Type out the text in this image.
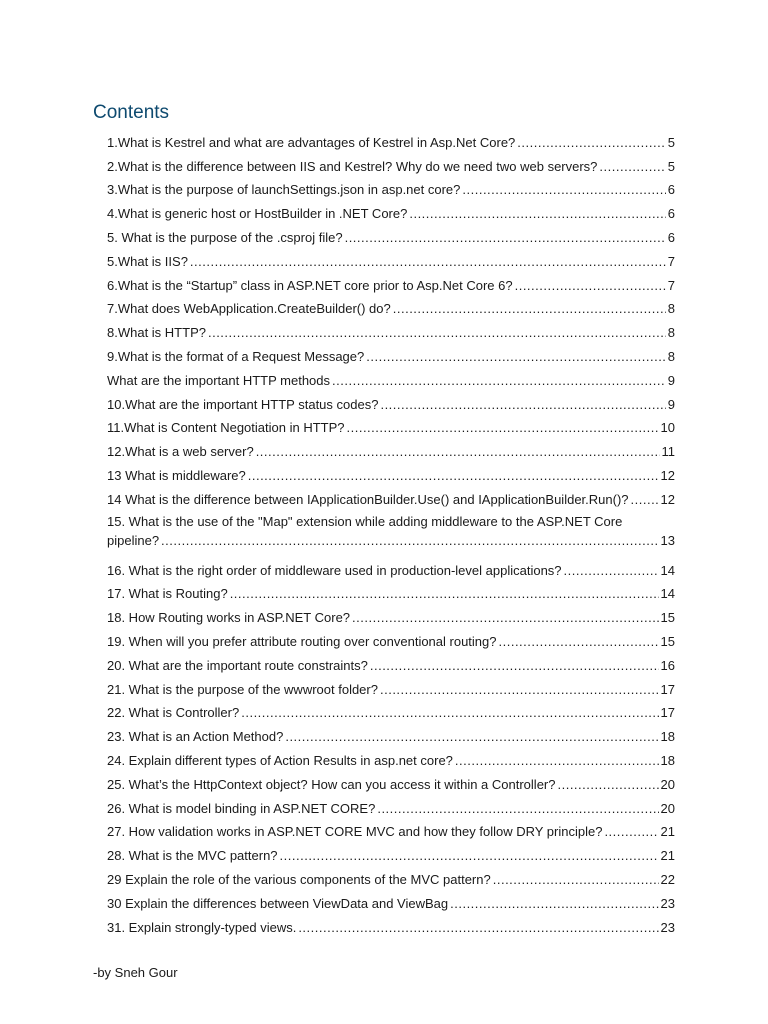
Contents
1.What is Kestrel and what are advantages of Kestrel in Asp.Net Core? .....	5
2.What is the difference between IIS and Kestrel? Why do we need two web servers? .....	5
3.What is the purpose of launchSettings.json in asp.net core? .....	6
4.What is generic host or HostBuilder in .NET Core? .....	6
5. What is the purpose of the .csproj file? .....	6
5.What is IIS? .....	7
6.What is the “Startup” class in ASP.NET core prior to Asp.Net Core 6? .....	7
7.What does WebApplication.CreateBuilder() do? .....	8
8.What is HTTP? .....	8
9.What is the format of a Request Message? .....	8
What are the important HTTP methods .....	9
10.What are the important HTTP status codes? .....	9
11.What is Content Negotiation in HTTP? .....	10
12.What is a web server? .....	11
13 What is middleware? .....	12
14 What is the difference between IApplicationBuilder.Use() and IApplicationBuilder.Run()? ..... 12
15. What is the use of the "Map" extension while adding middleware to the ASP.NET Core
pipeline? .....	13
16. What is the right order of middleware used in production-level applications? .....	14
17. What is Routing? .....	14
18. How Routing works in ASP.NET Core? .....	15
19. When will you prefer attribute routing over conventional routing? .....	15
20. What are the important route constraints? .....	16
21. What is the purpose of the wwwroot folder? .....	17
22. What is Controller? .....	17
23. What is an Action Method? .....	18
24. Explain different types of Action Results in asp.net core? .....	18
25. What’s the HttpContext object? How can you access it within a Controller? .....	20
26. What is model binding in ASP.NET CORE? .....	20
27. How validation works in ASP.NET CORE MVC and how they follow DRY principle? .....	21
28. What is the MVC pattern? .....	21
29 Explain the role of the various components of the MVC pattern? .....	22
30 Explain the differences between ViewData and ViewBag .....	23
31. Explain strongly-typed views. .....	23
-by Sneh Gour
